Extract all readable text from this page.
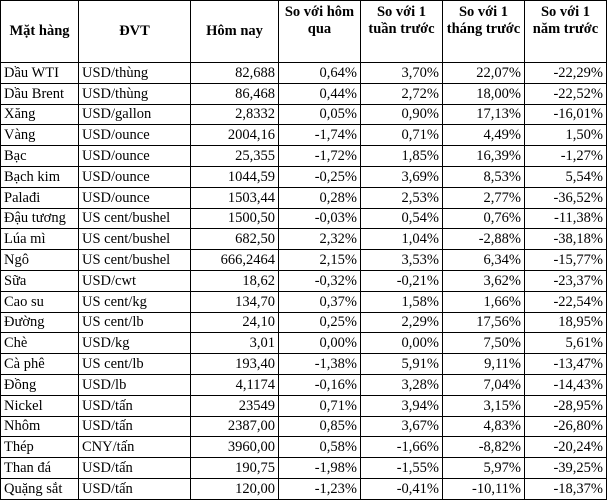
Mặt hàng	ĐVT	Hôm nay	So với hôm qua	So với 1 tuần trước	So với 1 tháng trước	So với 1 năm trước
Dầu WTI	USD/thùng	82,688	0,64%	3,70%	22,07%	-22,29%
Dầu Brent	USD/thùng	86,468	0,44%	2,72%	18,00%	-22,52%
Xăng	USD/gallon	2,8332	0,05%	0,90%	17,13%	-16,01%
Vàng	USD/ounce	2004,16	-1,74%	0,71%	4,49%	1,50%
Bạc	USD/ounce	25,355	-1,72%	1,85%	16,39%	-1,27%
Bạch kim	USD/ounce	1044,59	-0,25%	3,69%	8,53%	5,54%
Palađi	USD/ounce	1503,44	0,28%	2,53%	2,77%	-36,52%
Đậu tương	US cent/bushel	1500,50	-0,03%	0,54%	0,76%	-11,38%
Lúa mì	US cent/bushel	682,50	2,32%	1,04%	-2,88%	-38,18%
Ngô	US cent/bushel	666,2464	2,15%	3,53%	6,34%	-15,77%
Sữa	USD/cwt	18,62	-0,32%	-0,21%	3,62%	-23,37%
Cao su	US cent/kg	134,70	0,37%	1,58%	1,66%	-22,54%
Đường	US cent/lb	24,10	0,25%	2,29%	17,56%	18,95%
Chè	USD/kg	3,01	0,00%	0,00%	7,50%	5,61%
Cà phê	US cent/lb	193,40	-1,38%	5,91%	9,11%	-13,47%
Đồng	USD/lb	4,1174	-0,16%	3,28%	7,04%	-14,43%
Nickel	USD/tấn	23549	0,71%	3,94%	3,15%	-28,95%
Nhôm	USD/tấn	2387,00	0,85%	3,67%	4,83%	-26,80%
Thép	CNY/tấn	3960,00	0,58%	-1,66%	-8,82%	-20,24%
Than đá	USD/tấn	190,75	-1,98%	-1,55%	5,97%	-39,25%
Quặng sắt	USD/tấn	120,00	-1,23%	-0,41%	-10,11%	-18,37%
